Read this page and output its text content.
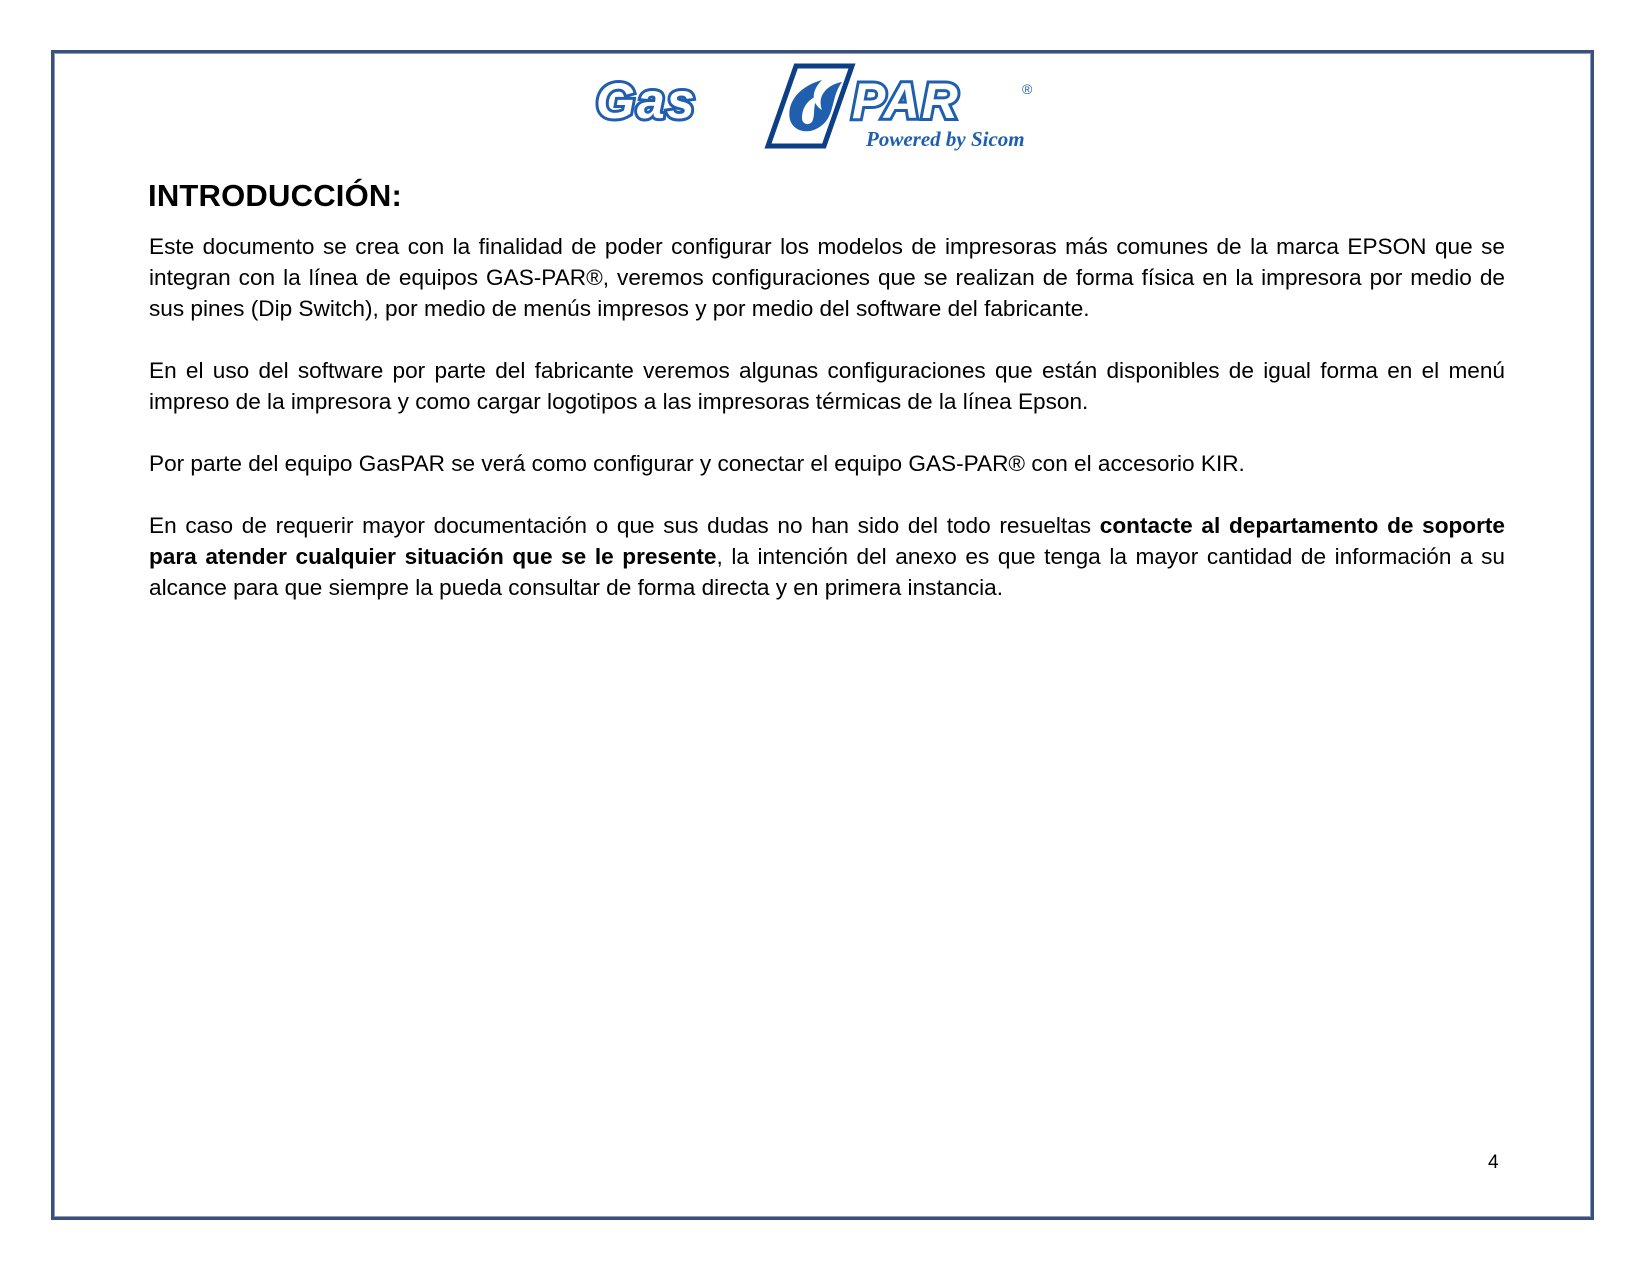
Gas	PAR	®
Powered by Sicom
INTRODUCCIÓN:

Este documento se crea con la finalidad de poder configurar los modelos de impresoras más comunes de la marca EPSON que se integran con la línea de equipos GAS-PAR®, veremos configuraciones que se realizan de forma física en la impresora por medio de sus pines (Dip Switch), por medio de menús impresos y por medio del software del fabricante.

En el uso del software por parte del fabricante veremos algunas configuraciones que están disponibles de igual forma en el menú impreso de la impresora y como cargar logotipos a las impresoras térmicas de la línea Epson.

Por parte del equipo GasPAR se verá como configurar y conectar el equipo GAS-PAR® con el accesorio KIR.

En caso de requerir mayor documentación o que sus dudas no han sido del todo resueltas contacte al departamento de soporte para atender cualquier situación que se le presente, la intención del anexo es que tenga la mayor cantidad de información a su alcance para que siempre la pueda consultar de forma directa y en primera instancia.

4
